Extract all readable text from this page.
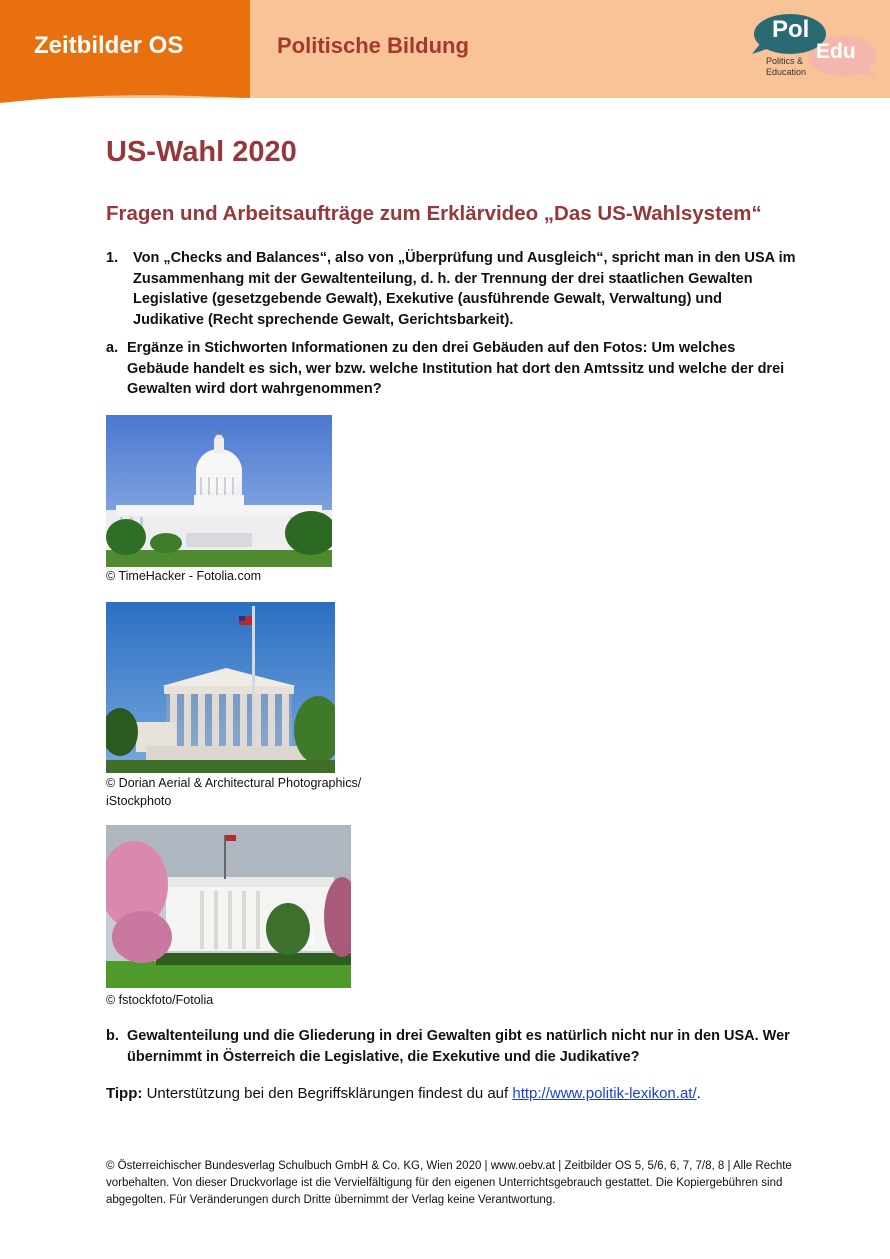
Zeitbilder OS	Politische Bildung
Pol
Edu
Politics &
Education
US-Wahl 2020
Fragen und Arbeitsaufträge zum Erklärvideo „Das US-Wahlsystem“
1.	Von „Checks and Balances“, also von „Überprüfung und Ausgleich“, spricht man in den USA im Zusammenhang mit der Gewaltenteilung, d. h. der Trennung der drei staatlichen Gewalten Legislative (gesetzgebende Gewalt), Exekutive (ausführende Gewalt, Verwaltung) und Judikative (Recht sprechende Gewalt, Gerichtsbarkeit).
a. Ergänze in Stichworten Informationen zu den drei Gebäuden auf den Fotos: Um welches Gebäude handelt es sich, wer bzw. welche Institution hat dort den Amtssitz und welche der drei Gewalten wird dort wahrgenommen?
© TimeHacker - Fotolia.com
© Dorian Aerial & Architectural Photographics/ iStockphoto
© fstockfoto/Fotolia
b. Gewaltenteilung und die Gliederung in drei Gewalten gibt es natürlich nicht nur in den USA. Wer übernimmt in Österreich die Legislative, die Exekutive und die Judikative?
Tipp: Unterstützung bei den Begriffsklärungen findest du auf http://www.politik-lexikon.at/.
© Österreichischer Bundesverlag Schulbuch GmbH & Co. KG, Wien 2020 | www.oebv.at | Zeitbilder OS 5, 5/6, 6, 7, 7/8, 8 | Alle Rechte vorbehalten. Von dieser Druckvorlage ist die Vervielfältigung für den eigenen Unterrichtsgebrauch gestattet. Die Kopiergebühren sind abgegolten. Für Veränderungen durch Dritte übernimmt der Verlag keine Verantwortung.
